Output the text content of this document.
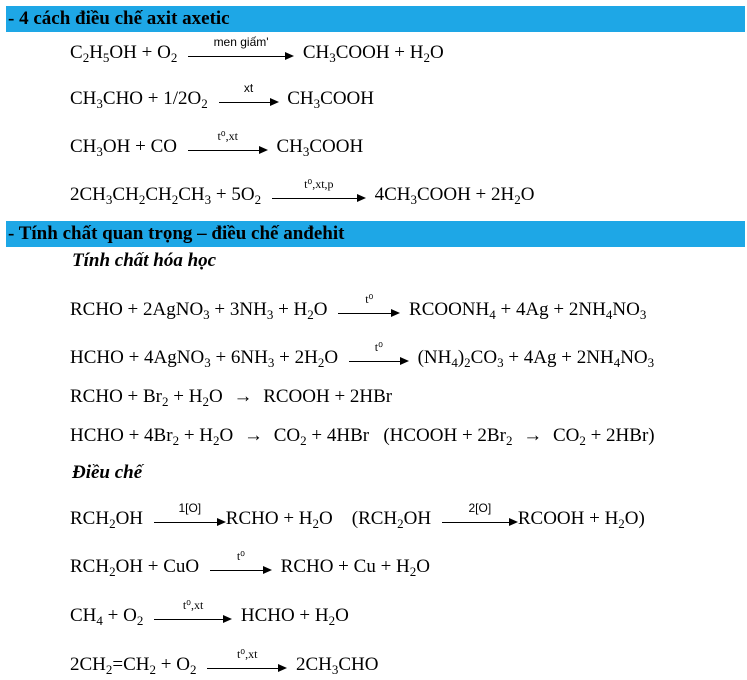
- 4 cách điều chế axit axetic
$C_2H_5OH + O_2$
men giấm'
$CH_3COOH + H_2O$
$CH_3CHO + 1/2O_2$
xt
$CH_3COOH$
$CH_3OH$ + CO
t⁰,xt
$CH_3COOH$
$2CH_3CH_2CH_2CH_3 + 5O_2$
t⁰,xt,p
$4CH_3COOH + 2H_2O$
- Tính chất quan trọng – điều chế anđehit
Tính chất hóa học
RCHO + 2AgNO$_3$ + $3NH_3 + H_2O$
t⁰
$RCOONH_4 + 4Ag + 2NH_4NO_3$
HCHO + 4AgNO$_3$ + $6NH_3 + 2H_2O$
t⁰
$(NH_4)_2CO_3 + 4Ag + 2NH_4NO_3$
RCHO + $Br_2 + H_2O$ → RCOOH + 2HBr
HCHO + $4Br_2 + H_2O \to CO_2 + 4HBr$   (HCOOH + $2Br_2 \to CO_2 + 2HBr$)
Điều chế
$RCH_2OH$
1[O]
RCHO + $H_2O$    ($RCH_2OH$
2[O]
RCOOH + $H_2O$)
$RCH_2OH$ + CuO
t⁰
RCHO + $Cu + H_2O$
$CH_4 + O_2$
t⁰,xt
HCHO + $H_2O$
$2CH_2=CH_2 + O_2$
t⁰,xt
$2CH_3CHO$
